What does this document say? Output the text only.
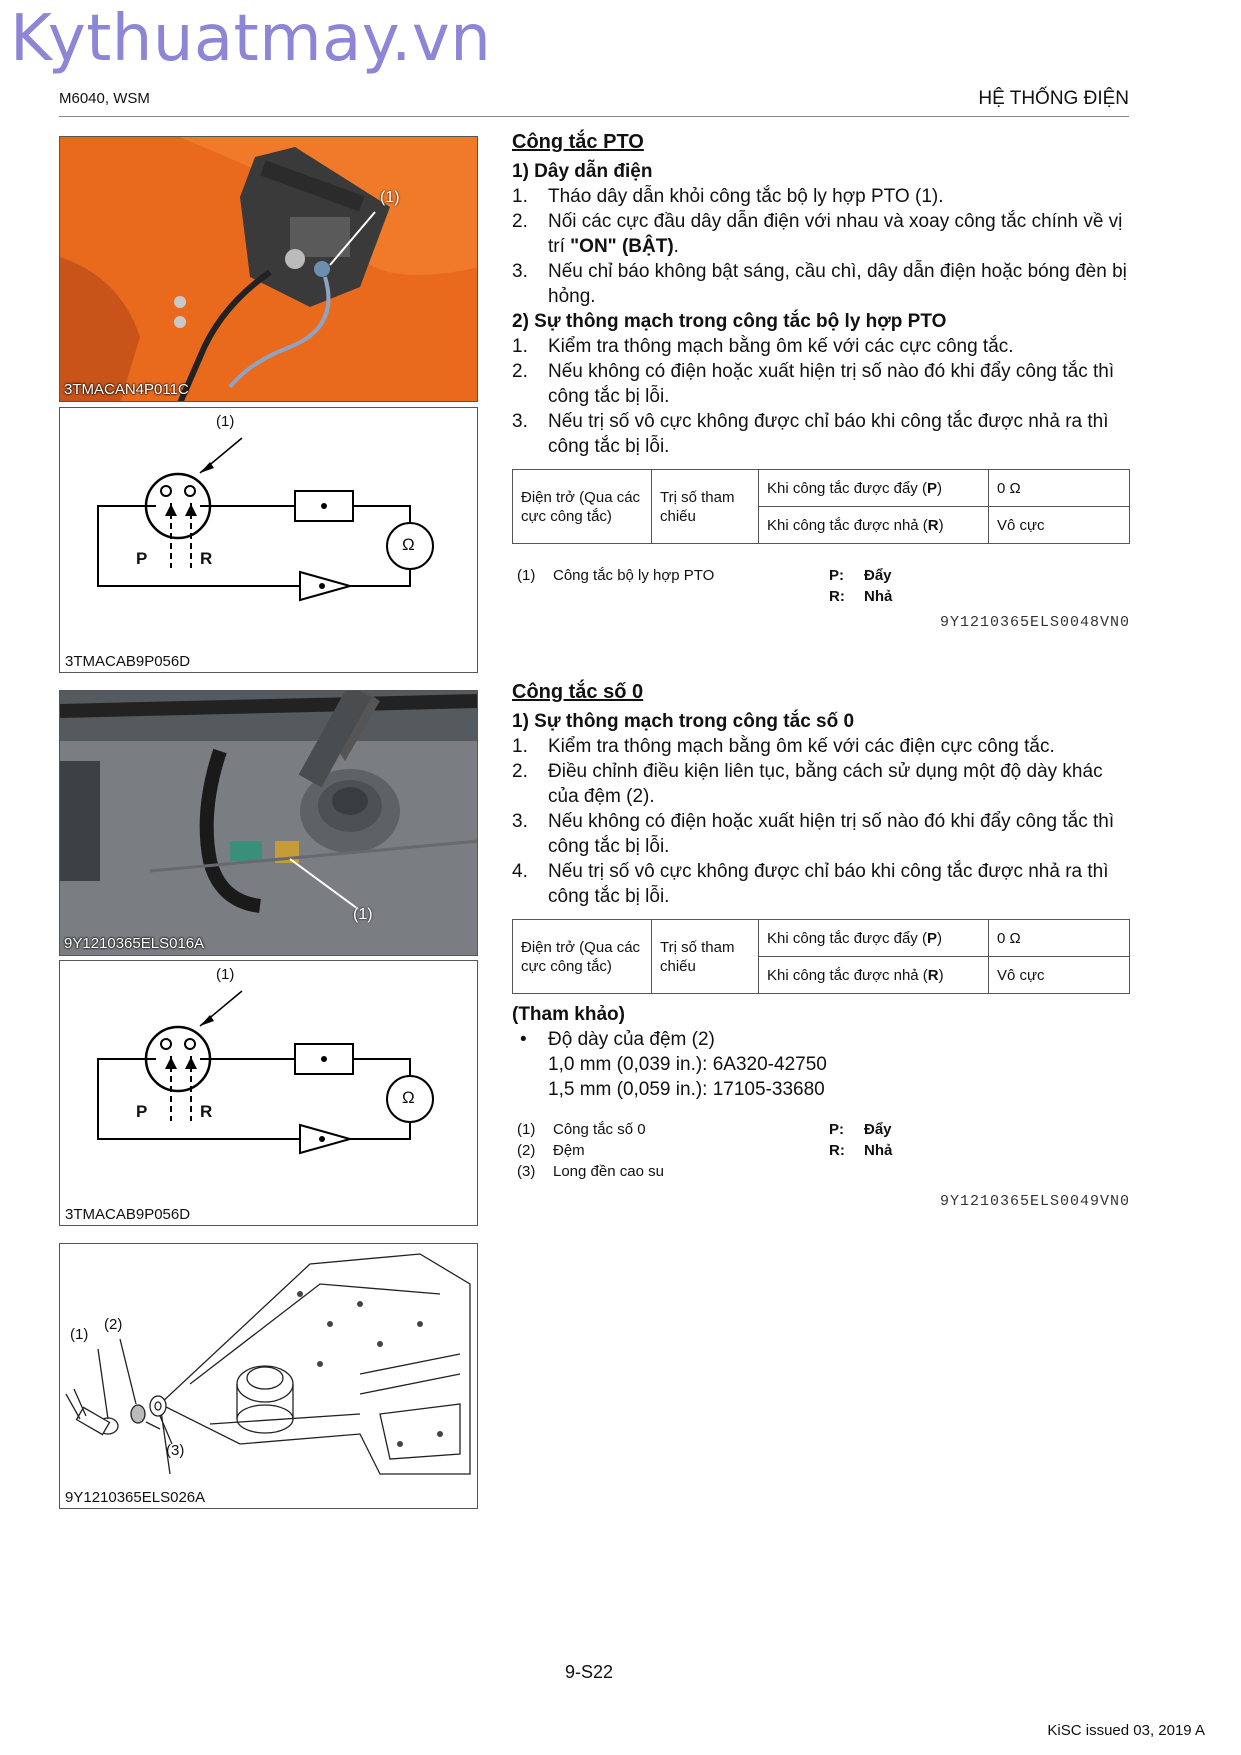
Kythuatmay.vn
M6040, WSM	HỆ THỐNG ĐIỆN
(1)
3TMACAN4P011C
(1)
P	R
Ω
3TMACAB9P056D

Công tắc PTO

1) Dây dẫn điện

1. Tháo dây dẫn khỏi công tắc bộ ly hợp PTO (1).

2. Nối các cực đầu dây dẫn điện với nhau và xoay công tắc chính về vị trí "ON" (BẬT).

3. Nếu chỉ báo không bật sáng, cầu chì, dây dẫn điện hoặc bóng đèn bị hỏng.

2) Sự thông mạch trong công tắc bộ ly hợp PTO

1. Kiểm tra thông mạch bằng ôm kế với các cực công tắc.

2. Nếu không có điện hoặc xuất hiện trị số nào đó khi đẩy công tắc thì công tắc bị lỗi.

3. Nếu trị số vô cực không được chỉ báo khi công tắc được nhả ra thì công tắc bị lỗi.

Điện trở (Qua các cực công tắc)	Trị số tham chiếu	Khi công tắc được đẩy (P)	0 Ω
		Khi công tắc được nhả (R)	Vô cực
(1) Công tắc bộ ly hợp PTO	P: Đẩy
R: Nhả
9Y1210365ELS0048VN0
(1)
9Y1210365ELS016A
(1)
P	R
Ω
3TMACAB9P056D

Công tắc số 0

1) Sự thông mạch trong công tắc số 0

1. Kiểm tra thông mạch bằng ôm kế với các điện cực công tắc.

2. Điều chỉnh điều kiện liên tục, bằng cách sử dụng một độ dày khác của đệm (2).

3. Nếu không có điện hoặc xuất hiện trị số nào đó khi đẩy công tắc thì công tắc bị lỗi.

4. Nếu trị số vô cực không được chỉ báo khi công tắc được nhả ra thì công tắc bị lỗi.

Điện trở (Qua các cực công tắc)	Trị số tham chiếu	Khi công tắc được đẩy (P)	0 Ω
		Khi công tắc được nhả (R)	Vô cực

(Tham khảo)

• Độ dày của đệm (2)

1,0 mm (0,039 in.): 6A320-42750

1,5 mm (0,059 in.): 17105-33680

(1) Công tắc số 0
(2) Đệm
(3) Long đền cao su
P: Đẩy
R: Nhả
9Y1210365ELS0049VN0
(1)
(2)
(3)
9Y1210365ELS026A
9-S22
KiSC issued 03, 2019 A
